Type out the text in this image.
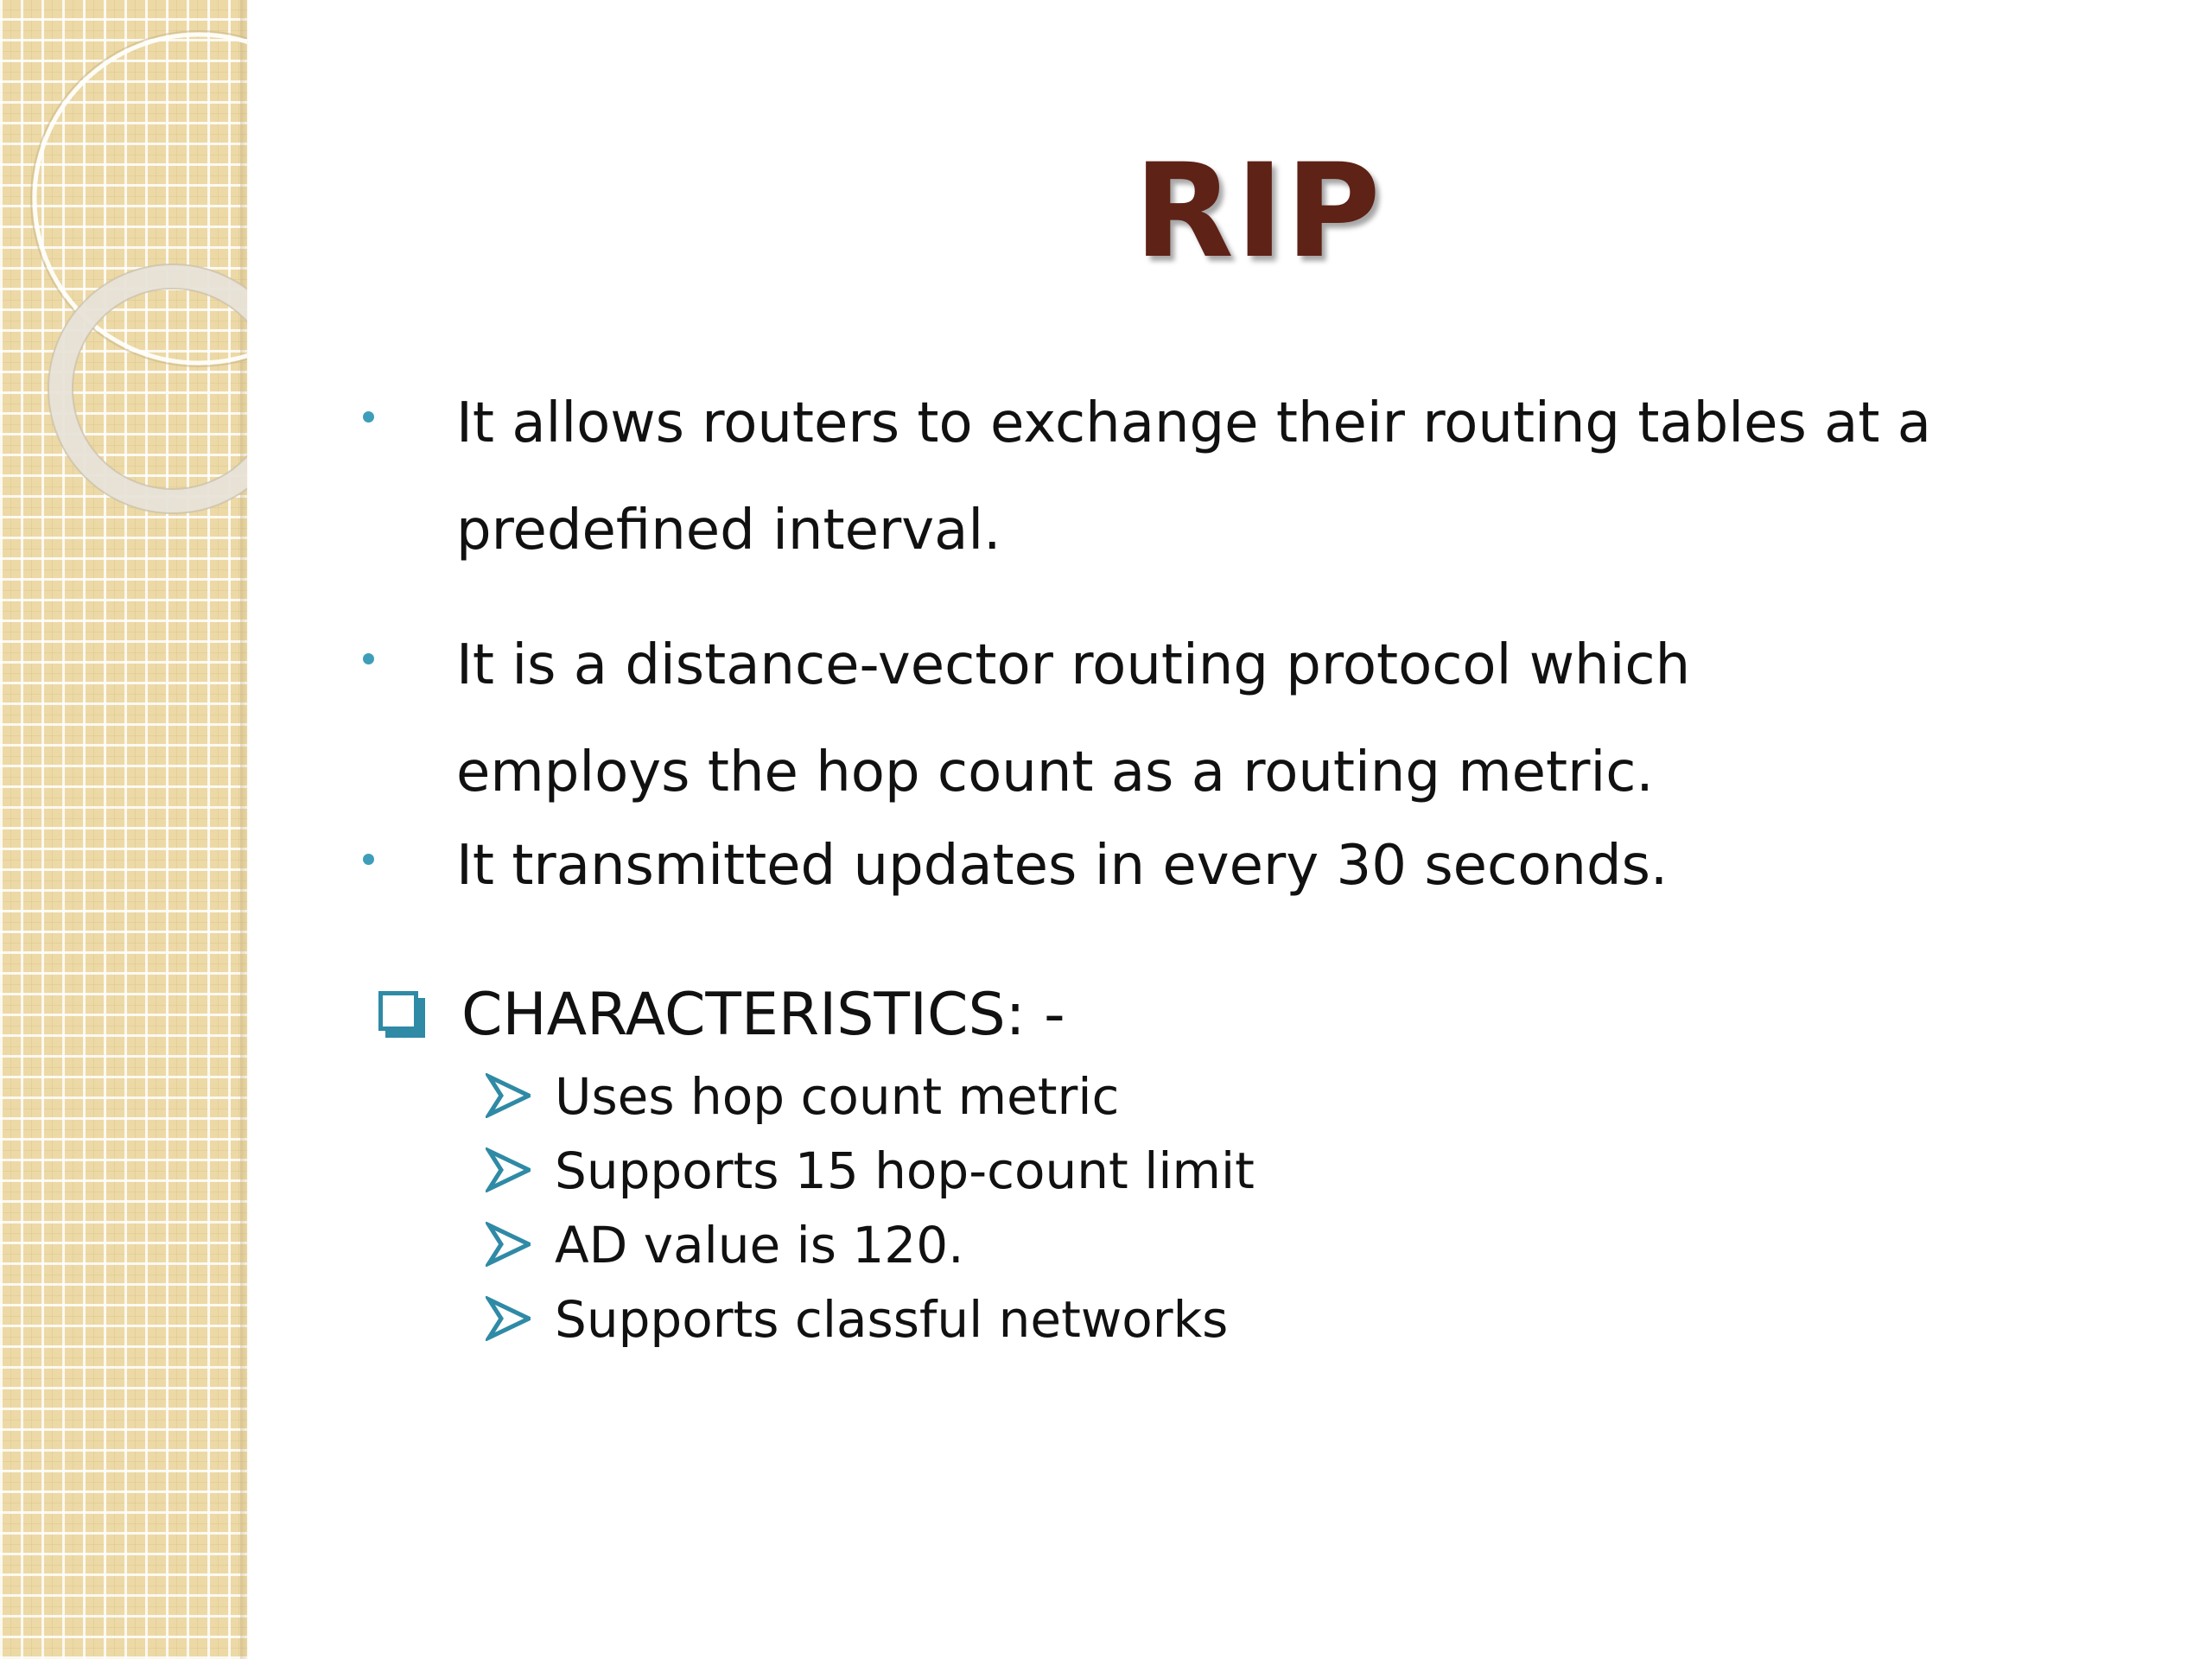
RIP
It allows routers to exchange their routing tables at a
predefined interval.
It is a distance-vector routing protocol which
employs the hop count as a routing metric.
It transmitted updates in every 30 seconds.
CHARACTERISTICS: -
Uses hop count metric
Supports 15 hop-count limit
AD value is 120.
Supports classful networks
